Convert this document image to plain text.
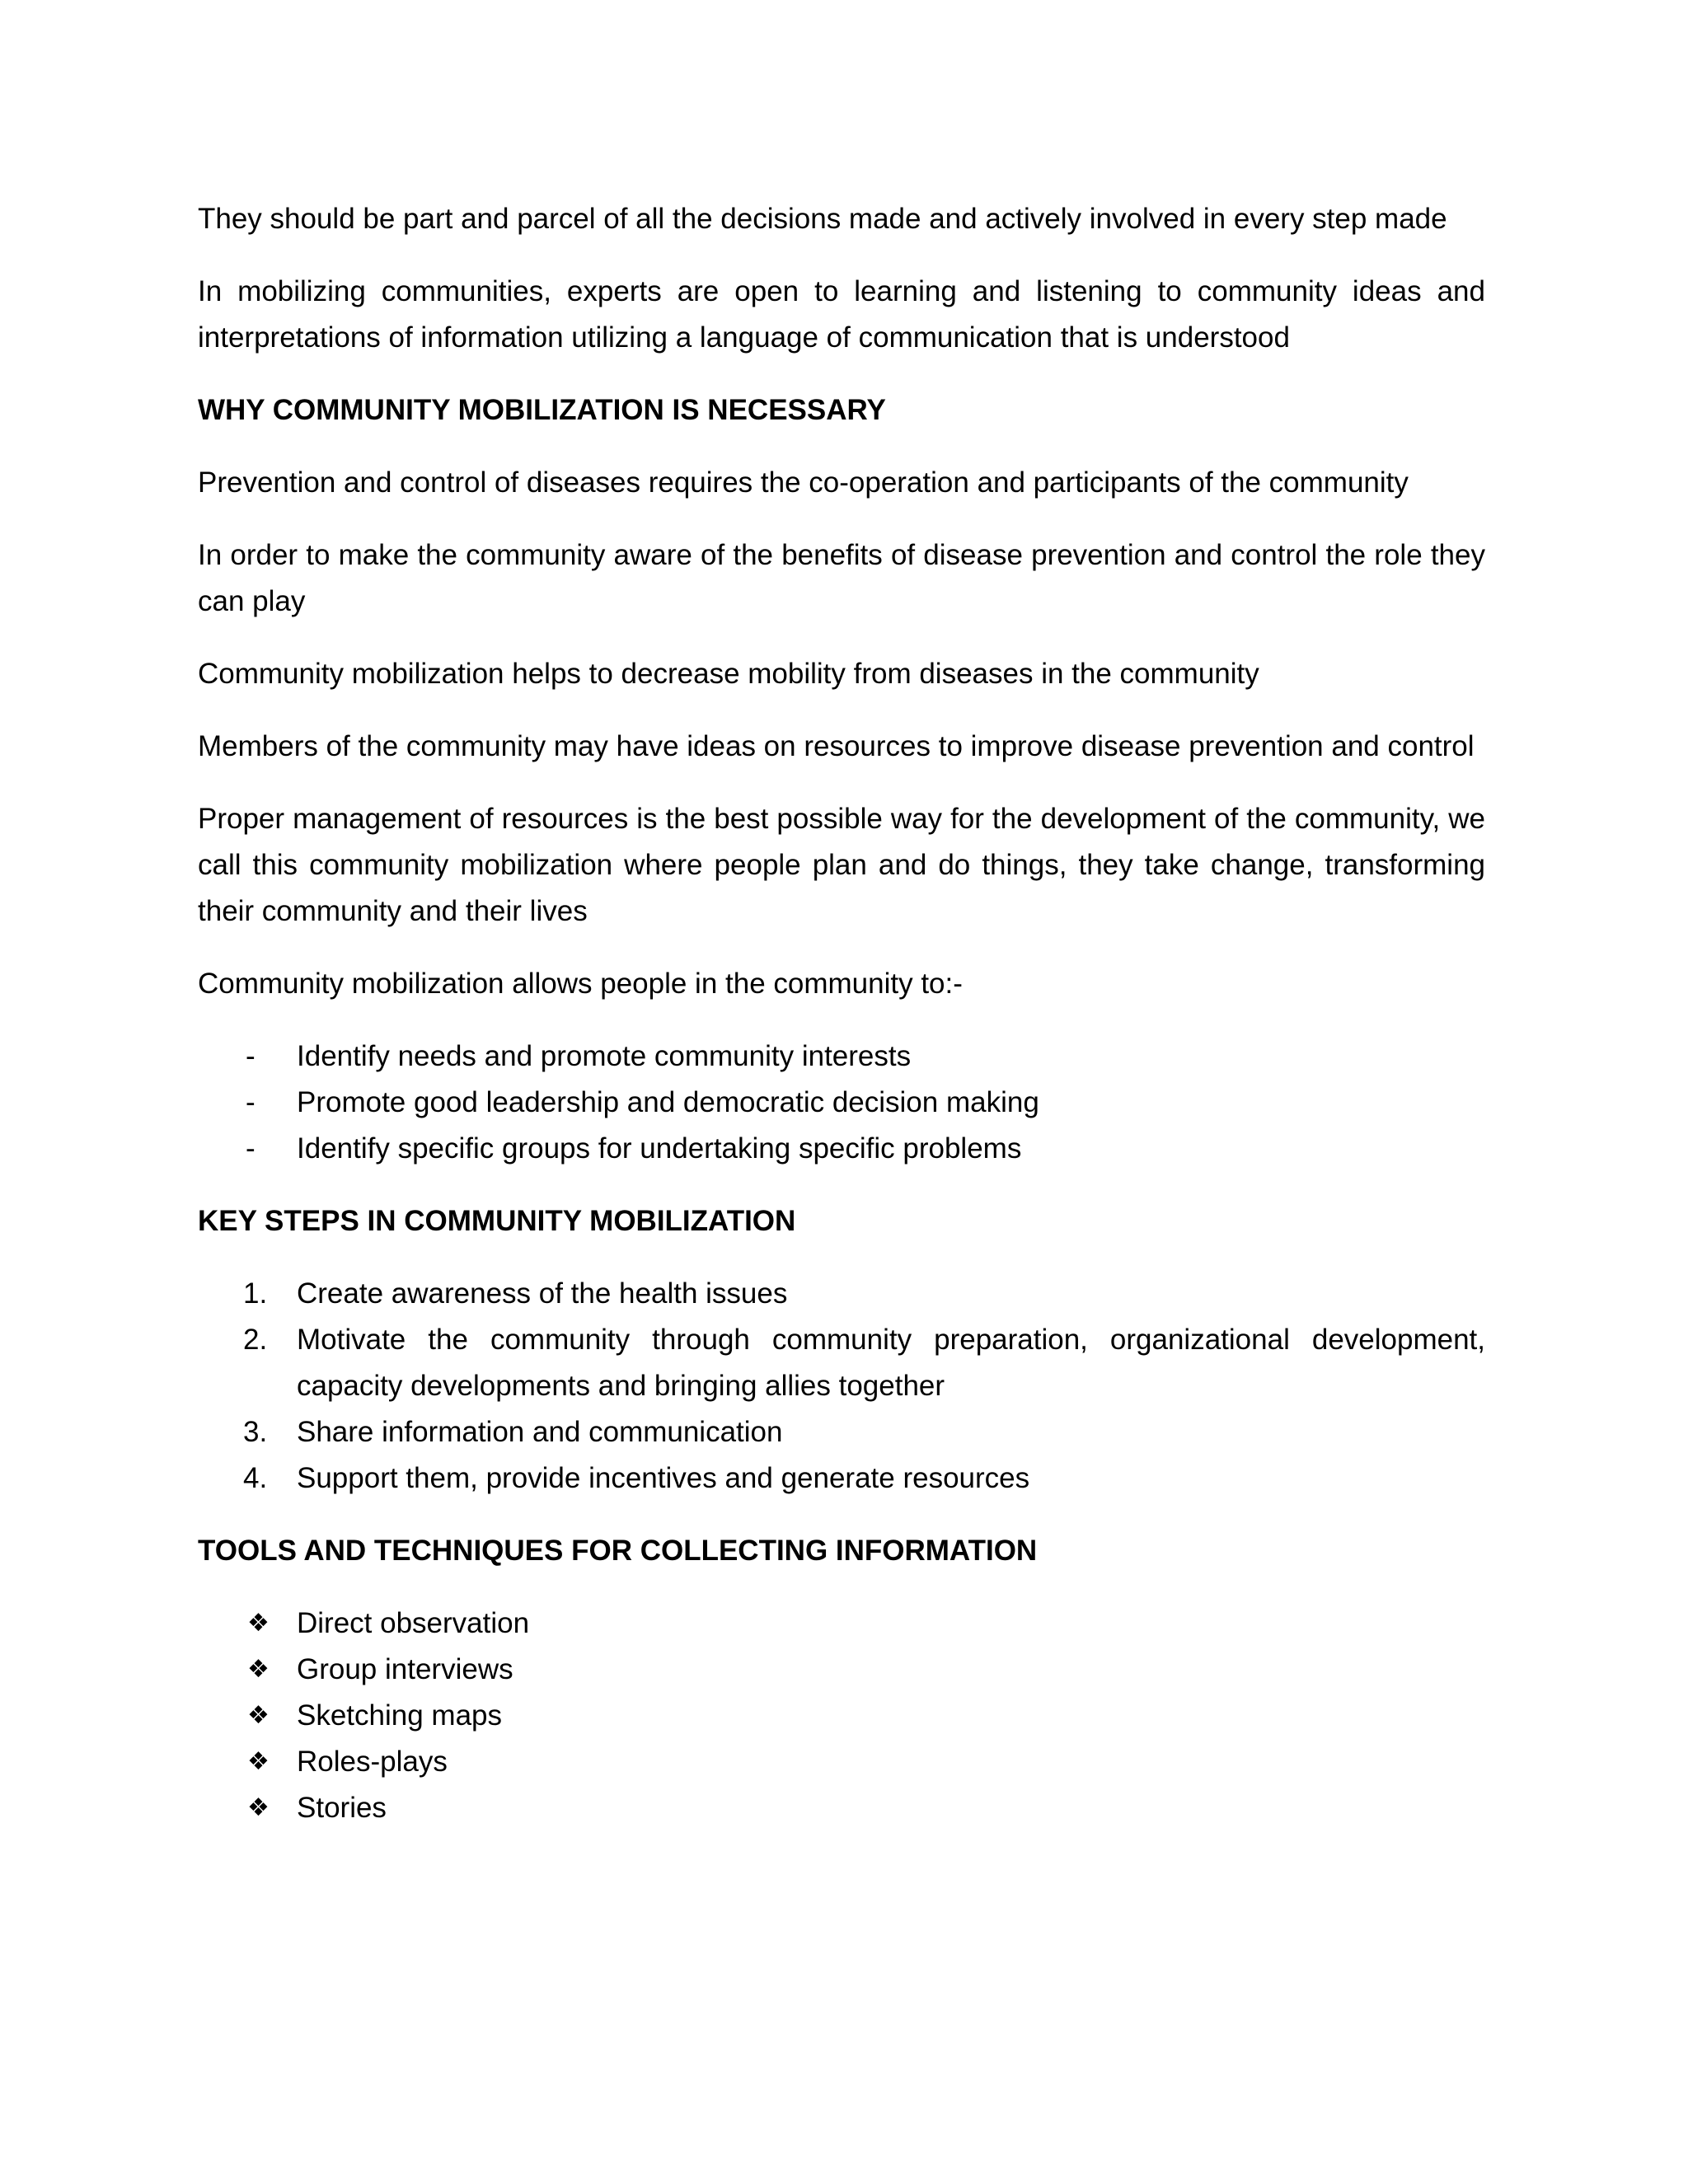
They should be part and parcel of all the decisions made and actively involved in every step made

In mobilizing communities, experts are open to learning and listening to community ideas and interpretations of information utilizing a language of communication that is understood

WHY COMMUNITY MOBILIZATION IS NECESSARY

Prevention and control of diseases requires the co-operation and participants of the community

In order to make the community aware of the benefits of disease prevention and control the role they can play

Community mobilization helps to decrease mobility from diseases in the community

Members of the community may have ideas on resources to improve disease prevention and control

Proper management of resources is the best possible way for the development of the community, we call this community mobilization where people plan and do things, they take change, transforming their community and their lives

Community mobilization allows people in the community to:-

-	Identify needs and promote community interests
-	Promote good leadership and democratic decision making
-	Identify specific groups for undertaking specific problems
KEY STEPS IN COMMUNITY MOBILIZATION
1.	Create awareness of the health issues
2.	Motivate the community through community preparation, organizational development, capacity developments and bringing allies together
3.	Share information and communication
4.	Support them, provide incentives and generate resources
TOOLS AND TECHNIQUES FOR COLLECTING INFORMATION
❖ Direct observation
❖ Group interviews
❖ Sketching maps
❖ Roles-plays
❖ Stories
